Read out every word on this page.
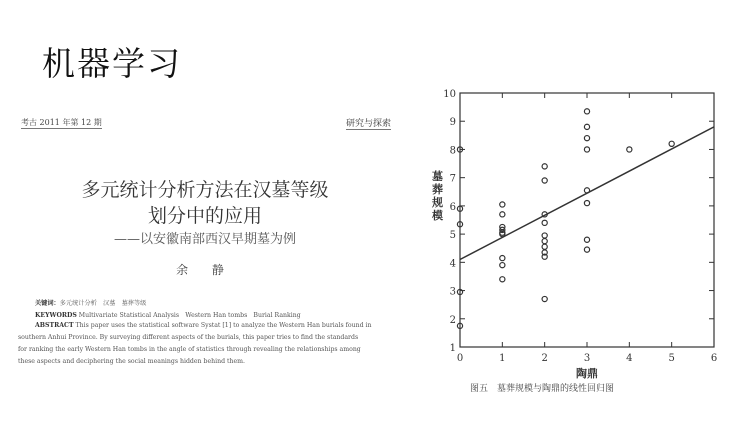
机器学习
考古 2011 年第 12 期	研究与探索
多元统计分析方法在汉墓等级
划分中的应用
——以安徽南部西汉早期墓为例
余 静
关键词：多元统计分析　汉墓　墓葬等级
KEYWORDS Multivariate Statistical Analysis　Western Han tombs　Burial Ranking
ABSTRACT This paper uses the statistical software Systat [1] to analyze the Western Han burials found in
southern Anhui Province. By surveying different aspects of the burials, this paper tries to find the standards
for ranking the early Western Han tombs in the angle of statistics through revealing the relationships among
these aspects and deciphering the social meanings hidden behind them.	0	1	2	3	4	5	6
1
2
3
4
5
6
7
8
9
10
陶鼎
墓葬规模
图五　墓葬规模与陶鼎的线性回归图
